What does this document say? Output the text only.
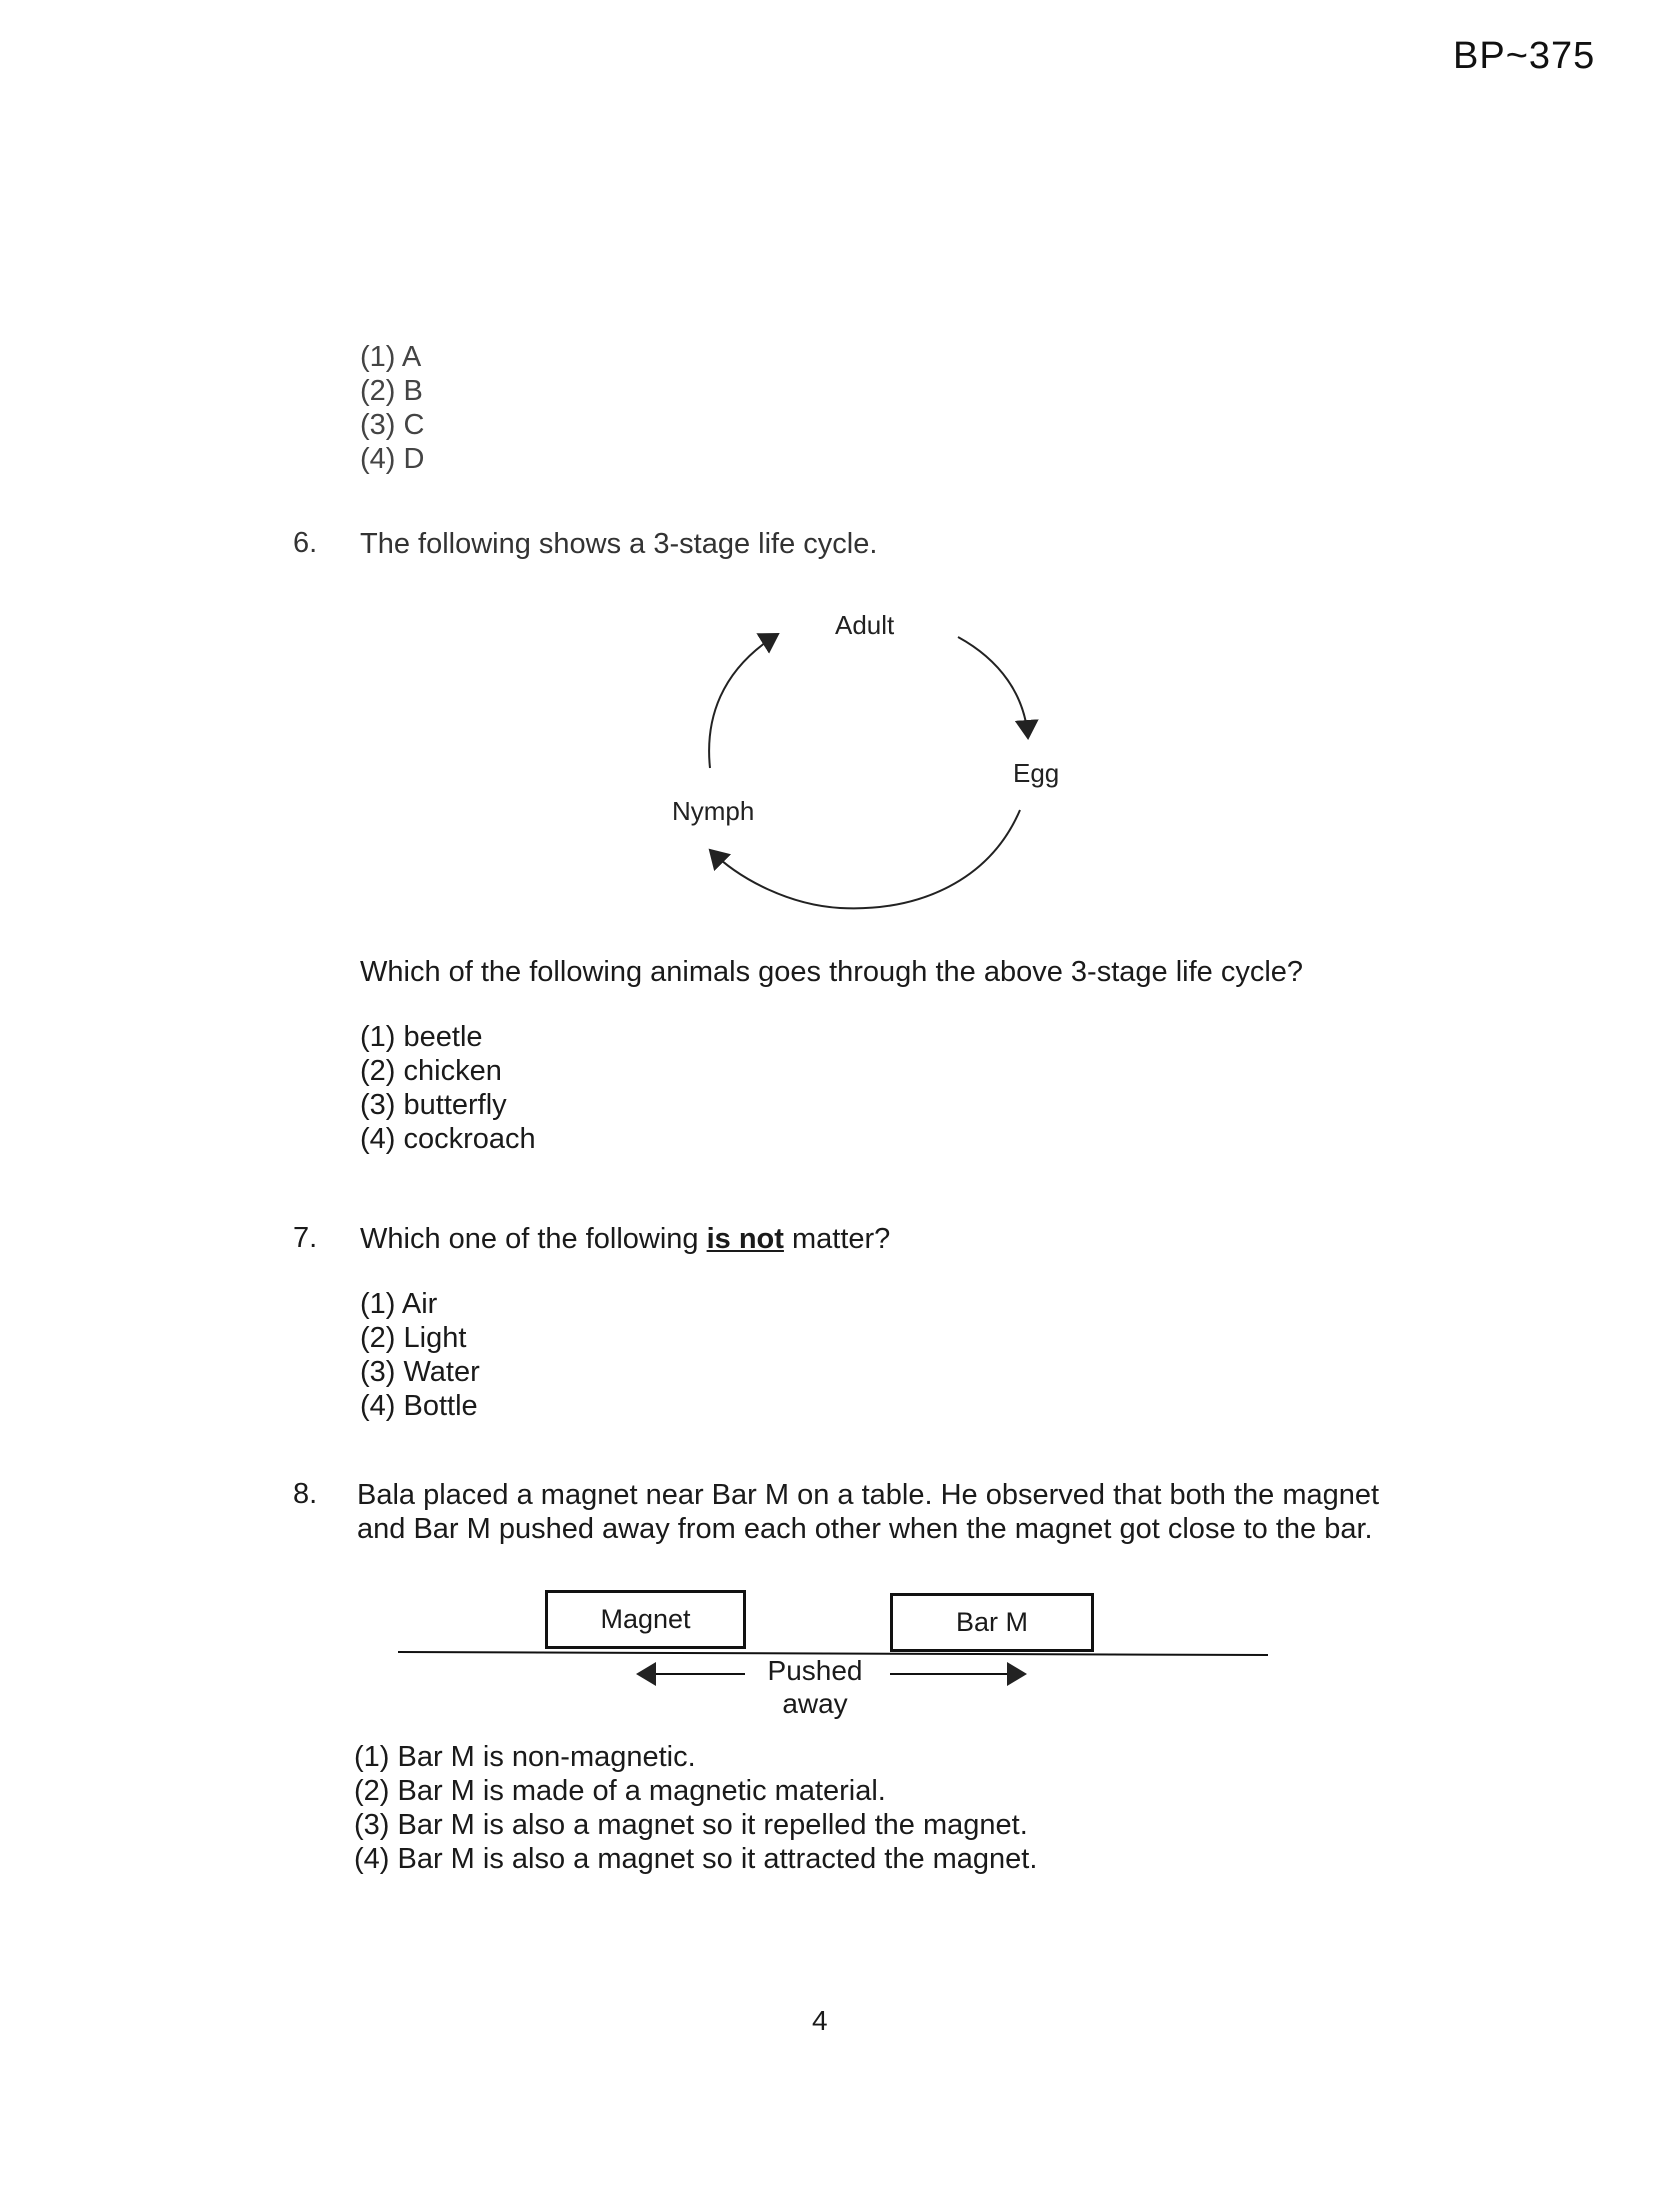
BP~375
(1) A
(2) B
(3) C
(4) D
6. The following shows a 3-stage life cycle.
Adult
Egg
Nymph
Which of the following animals goes through the above 3-stage life cycle?
(1) beetle
(2) chicken
(3) butterfly
(4) cockroach
7. Which one of the following is not matter?
(1) Air
(2) Light
(3) Water
(4) Bottle
8. Bala placed a magnet near Bar M on a table. He observed that both the magnet
and Bar M pushed away from each other when the magnet got close to the bar.
Magnet	Bar M
Pushed
away
(1) Bar M is non-magnetic.
(2) Bar M is made of a magnetic material.
(3) Bar M is also a magnet so it repelled the magnet.
(4) Bar M is also a magnet so it attracted the magnet.
4
